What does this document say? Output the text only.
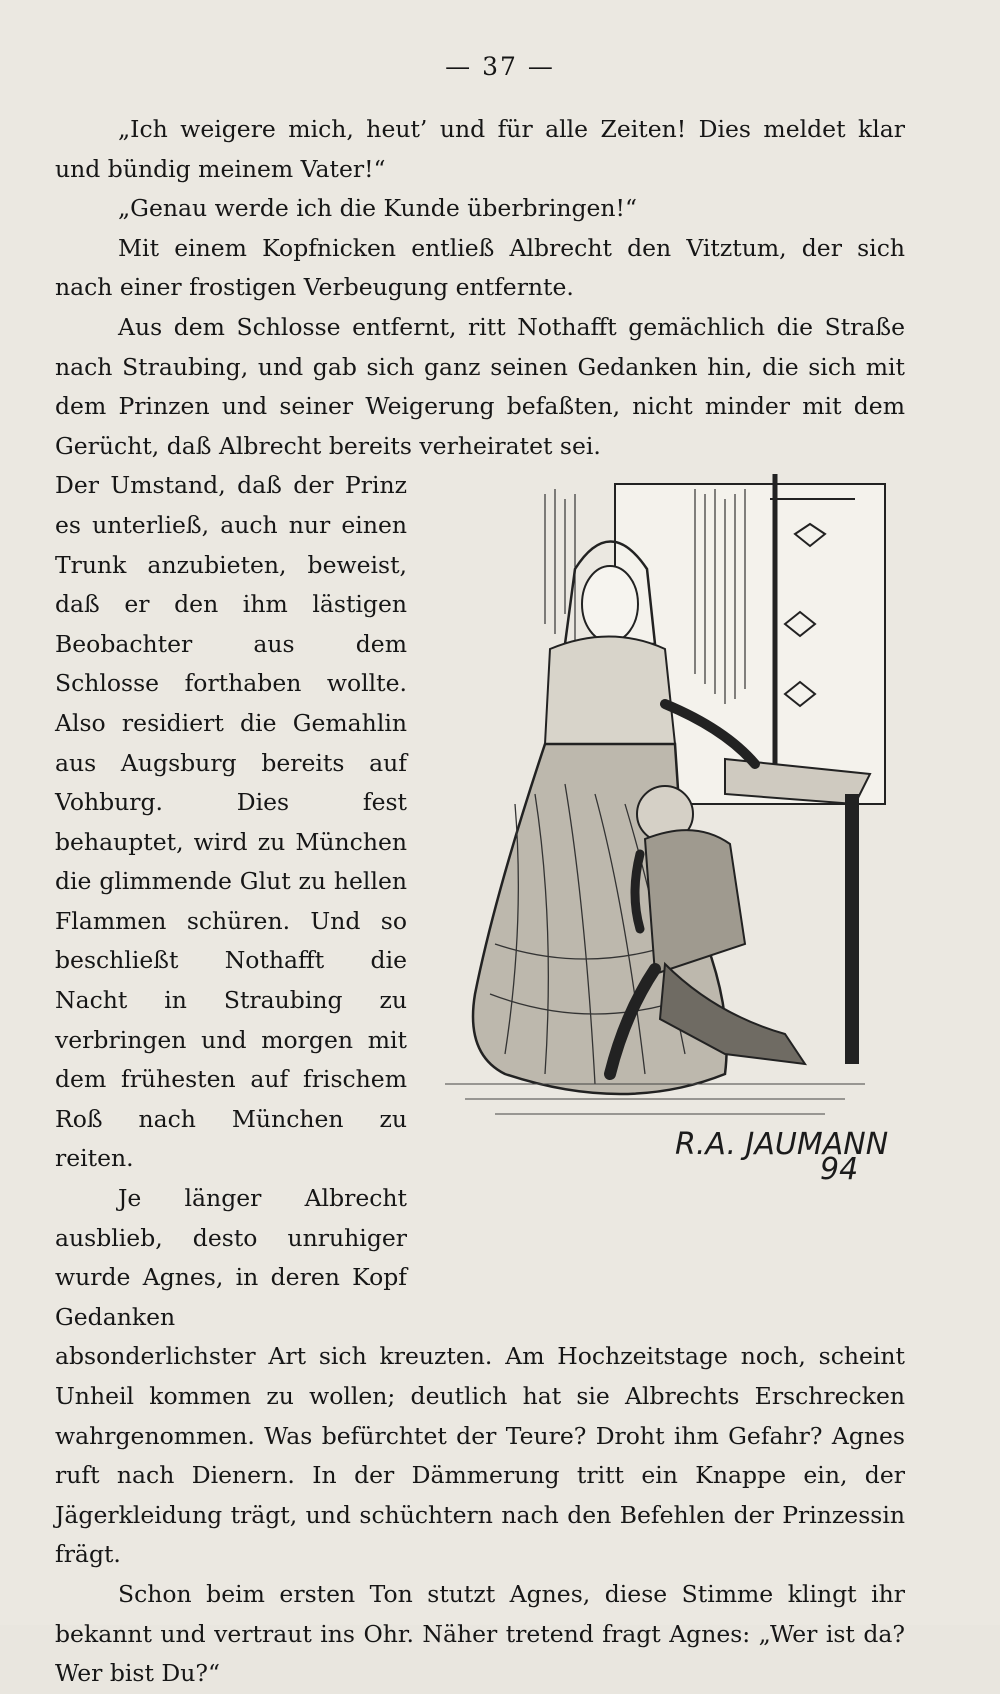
— 37 —

„Ich weigere mich, heut’ und für alle Zeiten! Dies meldet klar und bündig meinem Vater!“

„Genau werde ich die Kunde überbringen!“

Mit einem Kopfnicken entließ Albrecht den Vitztum, der sich nach einer frostigen Verbeugung entfernte.

Aus dem Schlosse entfernt, ritt Nothafft gemächlich die Straße nach Straubing, und gab sich ganz seinen Gedanken hin, die sich mit dem Prinzen und seiner Weigerung befaßten, nicht minder mit dem Gerücht, daß Albrecht bereits verheiratet sei.

Der Umstand, daß der Prinz es unterließ, auch nur einen Trunk anzubieten, beweist, daß er den ihm lästigen Beobachter aus dem Schlosse forthaben wollte. Also residiert die Gemahlin aus Augsburg bereits auf Vohburg. Dies fest behauptet, wird zu München die glimmende Glut zu hellen Flammen schüren. Und so beschließt Nothafft die Nacht in Straubing zu verbringen und morgen mit dem frühesten auf frischem Roß nach München zu reiten.

Je länger Albrecht ausblieb, desto unruhiger wurde Agnes, in deren Kopf Gedanken

R.A. JAUMANN
94

absonderlichster Art sich kreuzten. Am Hochzeitstage noch, scheint Unheil kommen zu wollen; deutlich hat sie Albrechts Erschrecken wahrgenommen. Was befürchtet der Teure? Droht ihm Gefahr? Agnes ruft nach Dienern. In der Dämmerung tritt ein Knappe ein, der Jägerkleidung trägt, und schüchtern nach den Befehlen der Prinzessin frägt.

Schon beim ersten Ton stutzt Agnes, diese Stimme klingt ihr bekannt und vertraut ins Ohr. Näher tretend fragt Agnes: „Wer ist da? Wer bist Du?“
